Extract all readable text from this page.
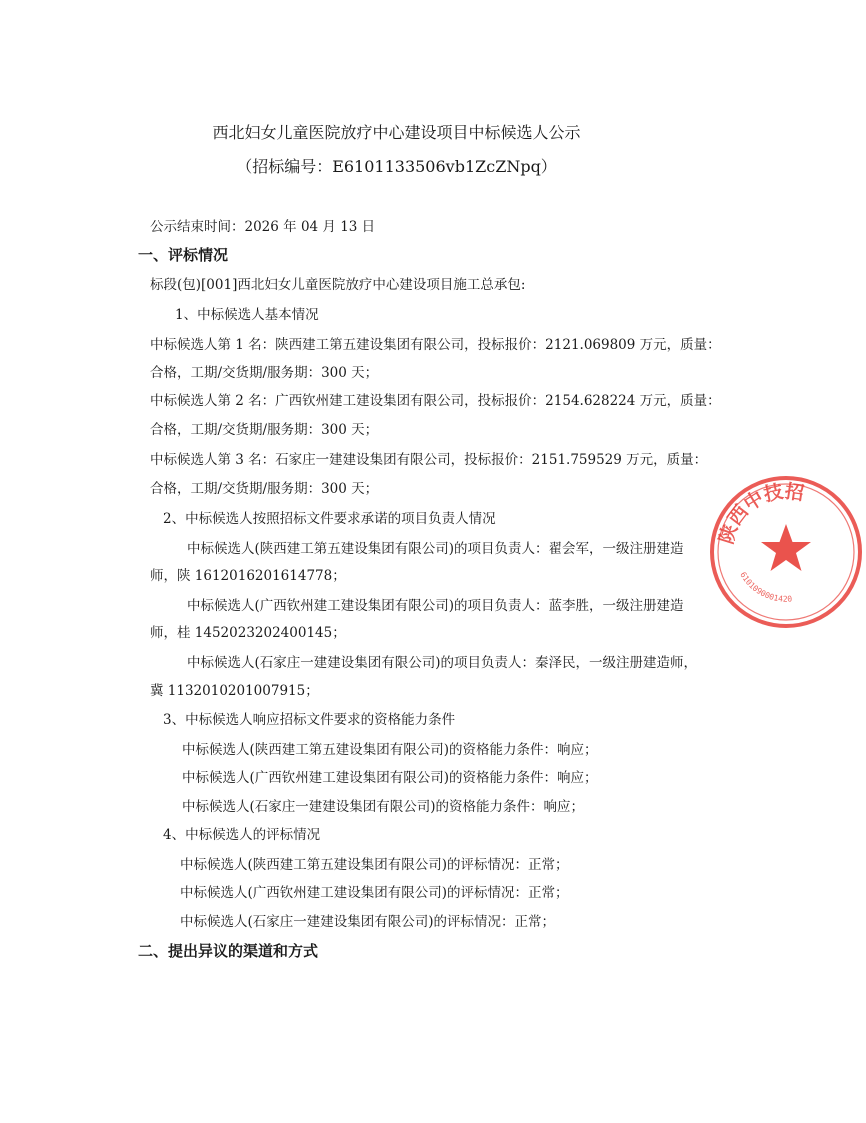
西北妇女儿童医院放疗中心建设项目中标候选人公示
（招标编号：E6101133506vb1ZcZNpq）
公示结束时间：2026 年 04 月 13 日
一、评标情况
标段(包)[001]西北妇女儿童医院放疗中心建设项目施工总承包:
1、中标候选人基本情况
中标候选人第 1 名：陕西建工第五建设集团有限公司，投标报价：2121.069809 万元，质量：
合格，工期/交货期/服务期：300 天；
中标候选人第 2 名：广西钦州建工建设集团有限公司，投标报价：2154.628224 万元，质量：
合格，工期/交货期/服务期：300 天；
中标候选人第 3 名：石家庄一建建设集团有限公司，投标报价：2151.759529 万元，质量：
合格，工期/交货期/服务期：300 天；
2、中标候选人按照招标文件要求承诺的项目负责人情况
中标候选人(陕西建工第五建设集团有限公司)的项目负责人：翟会军，一级注册建造
师，陕 1612016201614778；
中标候选人(广西钦州建工建设集团有限公司)的项目负责人：蓝李胜，一级注册建造
师，桂 1452023202400145；
中标候选人(石家庄一建建设集团有限公司)的项目负责人：秦泽民，一级注册建造师，
冀 1132010201007915；
3、中标候选人响应招标文件要求的资格能力条件
中标候选人(陕西建工第五建设集团有限公司)的资格能力条件：响应；
中标候选人(广西钦州建工建设集团有限公司)的资格能力条件：响应；
中标候选人(石家庄一建建设集团有限公司)的资格能力条件：响应；
4、中标候选人的评标情况
中标候选人(陕西建工第五建设集团有限公司)的评标情况：正常；
中标候选人(广西钦州建工建设集团有限公司)的评标情况：正常；
中标候选人(石家庄一建建设集团有限公司)的评标情况：正常；
二、提出异议的渠道和方式
陕西中技招
6101090001420
